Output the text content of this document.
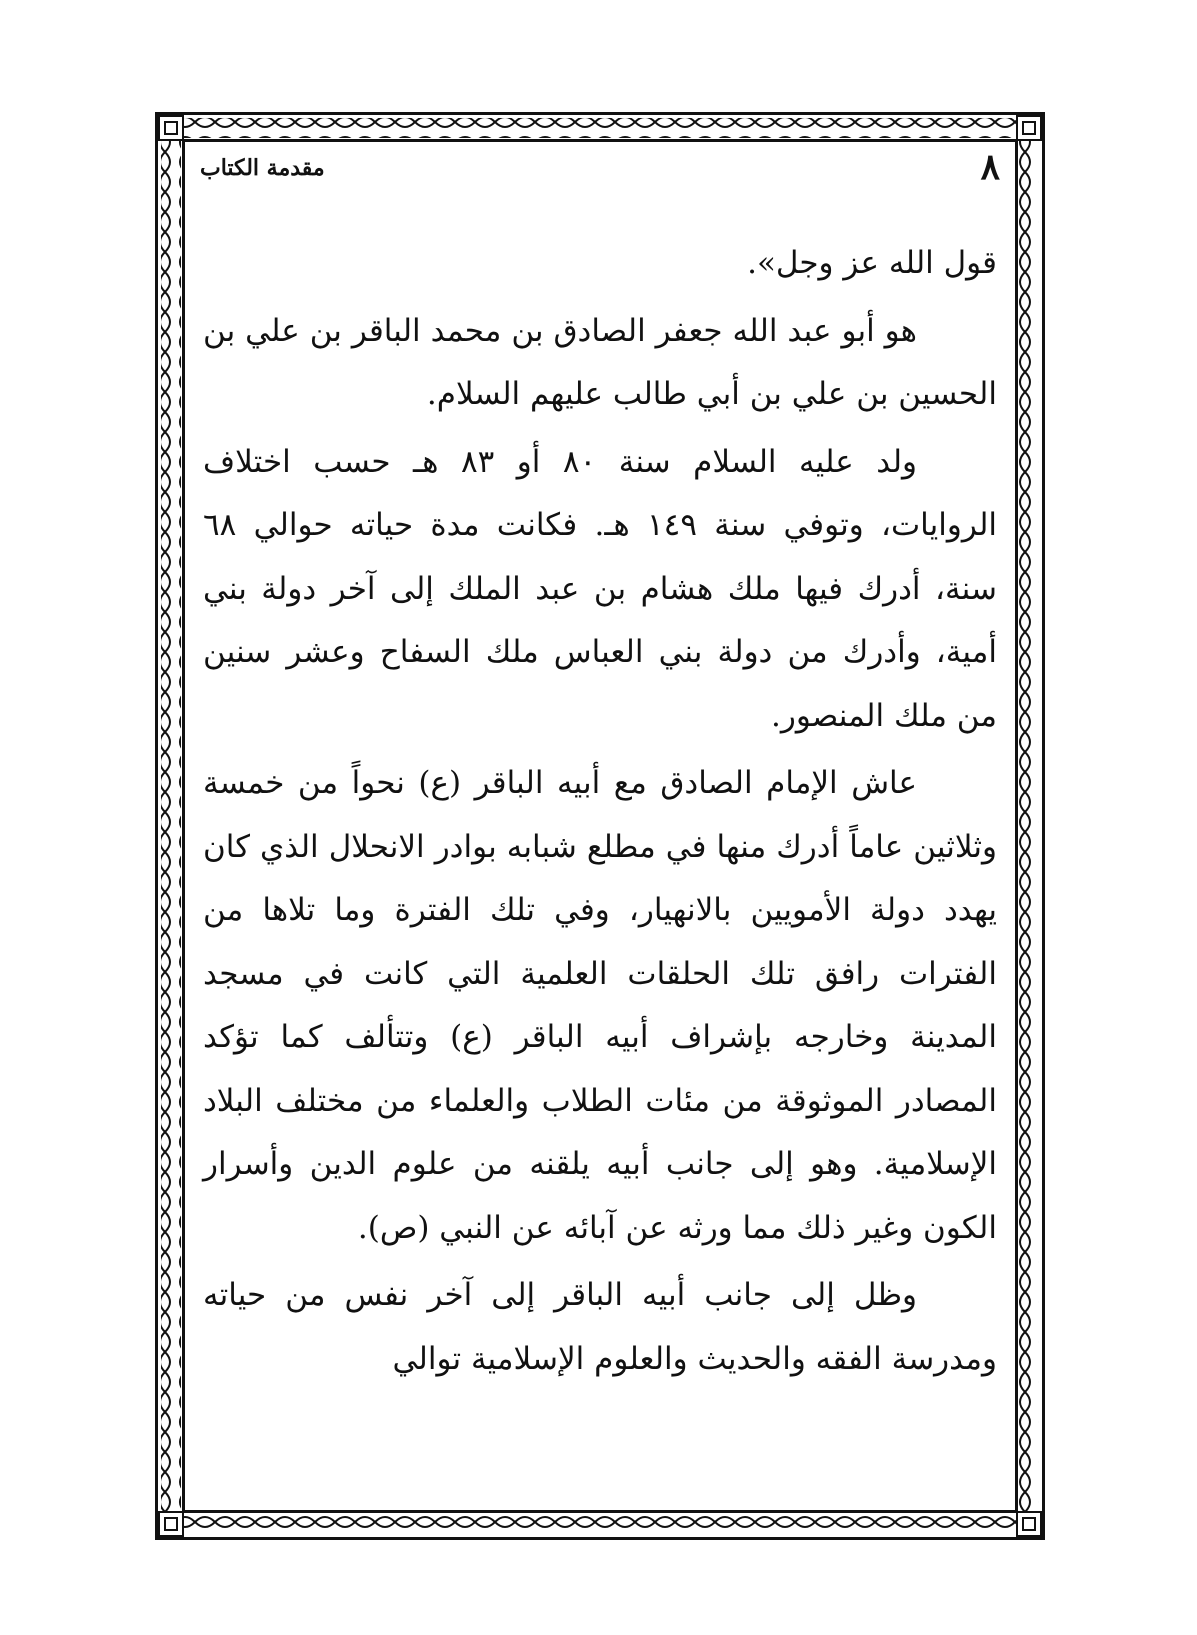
٨
مقدمة الكتاب

قول الله عز وجل».

هو أبو عبد الله جعفر الصادق بن محمد الباقر بن علي بن الحسين بن علي بن أبي طالب عليهم السلام.

ولد عليه السلام سنة ٨٠ أو ٨٣ هـ حسب اختلاف الروايات، وتوفي سنة ١٤٩ هـ. فكانت مدة حياته حوالي ٦٨ سنة، أدرك فيها ملك هشام بن عبد الملك إلى آخر دولة بني أمية، وأدرك من دولة بني العباس ملك السفاح وعشر سنين من ملك المنصور.

عاش الإمام الصادق مع أبيه الباقر (ع) نحواً من خمسة وثلاثين عاماً أدرك منها في مطلع شبابه بوادر الانحلال الذي كان يهدد دولة الأمويين بالانهيار، وفي تلك الفترة وما تلاها من الفترات رافق تلك الحلقات العلمية التي كانت في مسجد المدينة وخارجه بإشراف أبيه الباقر (ع) وتتألف كما تؤكد المصادر الموثوقة من مئات الطلاب والعلماء من مختلف البلاد الإسلامية. وهو إلى جانب أبيه يلقنه من علوم الدين وأسرار الكون وغير ذلك مما ورثه عن آبائه عن النبي (ص).

وظل إلى جانب أبيه الباقر إلى آخر نفس من حياته ومدرسة الفقه والحديث والعلوم الإسلامية توالي
